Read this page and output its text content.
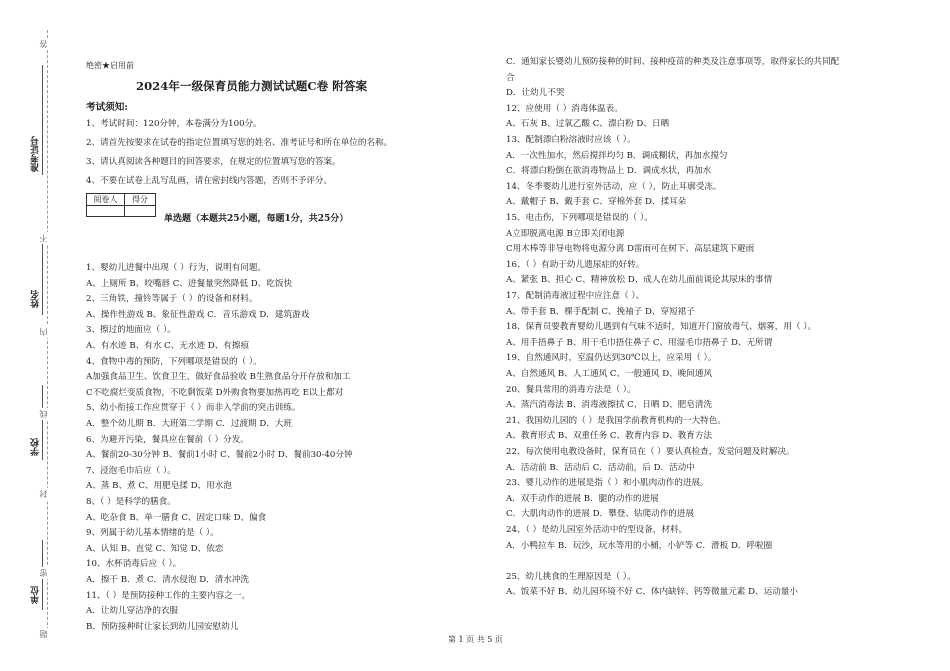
准考证号
姓名
学校
单位
答
不
内
线
封
密
题
绝密★启用前
2024年一级保育员能力测试试题C卷 附答案
考试须知:
1、考试时间：120分钟，本卷满分为100分。
2、请首先按要求在试卷的指定位置填写您的姓名、准考证号和所在单位的名称。
3、请认真阅读各种题目的回答要求，在规定的位置填写您的答案。
4、不要在试卷上乱写乱画，请在密封线内答题，否则不予评分。
阅卷人	得分
单选题（本题共25小题，每题1分，共25分）
1、婴幼儿进餐中出现（ ）行为，说明有问题。
A、上厕所 B、咬嘴唇 C、进餐量突然降低 D、吃饭快
2、三角铁，撞铃等属于（ ）的设备和材料。
A、操作性游戏 B、象征性游戏 C．音乐游戏 D．建筑游戏
3、擦过的地面应（ ）。
A、有水迹 B、有水 C、无水迹 D、有擦痕
4、食物中毒的预防，下列哪项是错误的（ ）。
A加强食品卫生、饮食卫生，做好食品验收 B生熟食品分开存放和加工
C不吃腐烂变质食物，不吃剩饭菜 D外购食物要加热再吃 E以上都对
5、幼小衔接工作应贯穿于（ ）而非入学前的突击训练。
A．整个幼儿期 B．大班第二学期 C．过渡期 D．大班
6、为避开污染，餐具应在餐前（ ）分发。
A、餐前20-30分钟 B、餐前1小时 C、餐前2小时 D、餐前30-40分钟
7、浸泡毛巾后应（ ）。
A、蒸 B、煮 C、用肥皂揉 D、用水泡
8、（ ）是科学的膳食。
A、吃杂食 B、单一膳食 C、固定口味 D、偏食
9、列属于幼儿基本情绪的是（ ）。
A、认知 B、直觉 C、知觉 D、依恋
10、水杯消毒后应（ ）。
A．擦干 B．煮 C．清水侵泡 D．清水冲洗
11、（ ）是预防接种工作的主要内容之一。
A．让幼儿穿洁净的衣服
B．预防接种时让家长到幼儿园安慰幼儿
C．通知家长婴幼儿预防接种的时间、接种疫苗的种类及注意事项等，取得家长的共同配
合
D．让幼儿不哭
12、应使用（ ）消毒体温表。
A、石灰 B、过氧乙酸 C、漂白粉 D、日晒
13、配制漂白粉溶液时应该（ ）。
A．一次性加水，然后搅拌均匀 B．调成糊状，再加水搅匀
C．将漂白粉倒在欲消毒物品上 D．调成水状，再加水
14、冬季婴幼儿进行室外活动，应（ ），防止耳廓受冻。
A、戴帽子 B、戴手套 C、穿棉外套 D、揉耳朵
15、电击伤，下列哪项是错误的（ ）。
A立即脱离电源 B立即关闭电源
C用木棒等非导电物将电源分离 D雷雨可在树下、高层建筑下避雨
16、（ ）有助于幼儿遗尿症的好转。
A、紧张 B、担心 C、精神放松 D、成人在幼儿面前谈论其尿床的事情
17、配制消毒液过程中应注意（ ）。
A、带手套 B、棵手配制 C、挽袖子 D、穿短裙子
18、保育员要教育婴幼儿遇到有气味不适时，知道开门窗放毒气、烟雾，用（ ）。
A、用手捂鼻子 B、用干毛巾捂住鼻子 C、用湿毛巾捂鼻子 D、无所谓
19、自然通风时，室温仍达到30℃以上，应采用（ ）。
A、自然通风 B、人工通风 C、一般通风 D、晚间通风
20、餐具常用的消毒方法是（ ）。
A、蒸汽消毒法 B、消毒液擦拭 C、日晒 D、肥皂清洗
21、我国幼儿园的（ ）是我国学前教育机构的一大特色。
A、教育形式 B、双重任务 C、教育内容 D、教育方法
22、每次使用电教设备时，保育员在（ ）要认真检查，发觉问题及时解决。
A．活动前 B．活动后 C．活动前，后 D．活动中
23、婴儿动作的进展是指（ ）和小肌肉动作的进展。
A．双手动作的进展 B．腿的动作的进展
C．大肌肉动作的进展 D．攀登、钻爬动作的进展
24、（ ）是幼儿园室外活动中的型设备，材料。
A．小鸭拉车 B．玩沙，玩水等用的小桶，小铲等 C．滑板 D．呼啦圈
25、幼儿挑食的生理原因是（ ）。
A、饭菜不好 B、幼儿园环境不好 C、体内缺锌、钙等微量元素 D、运动量小
第 1 页 共 5 页
